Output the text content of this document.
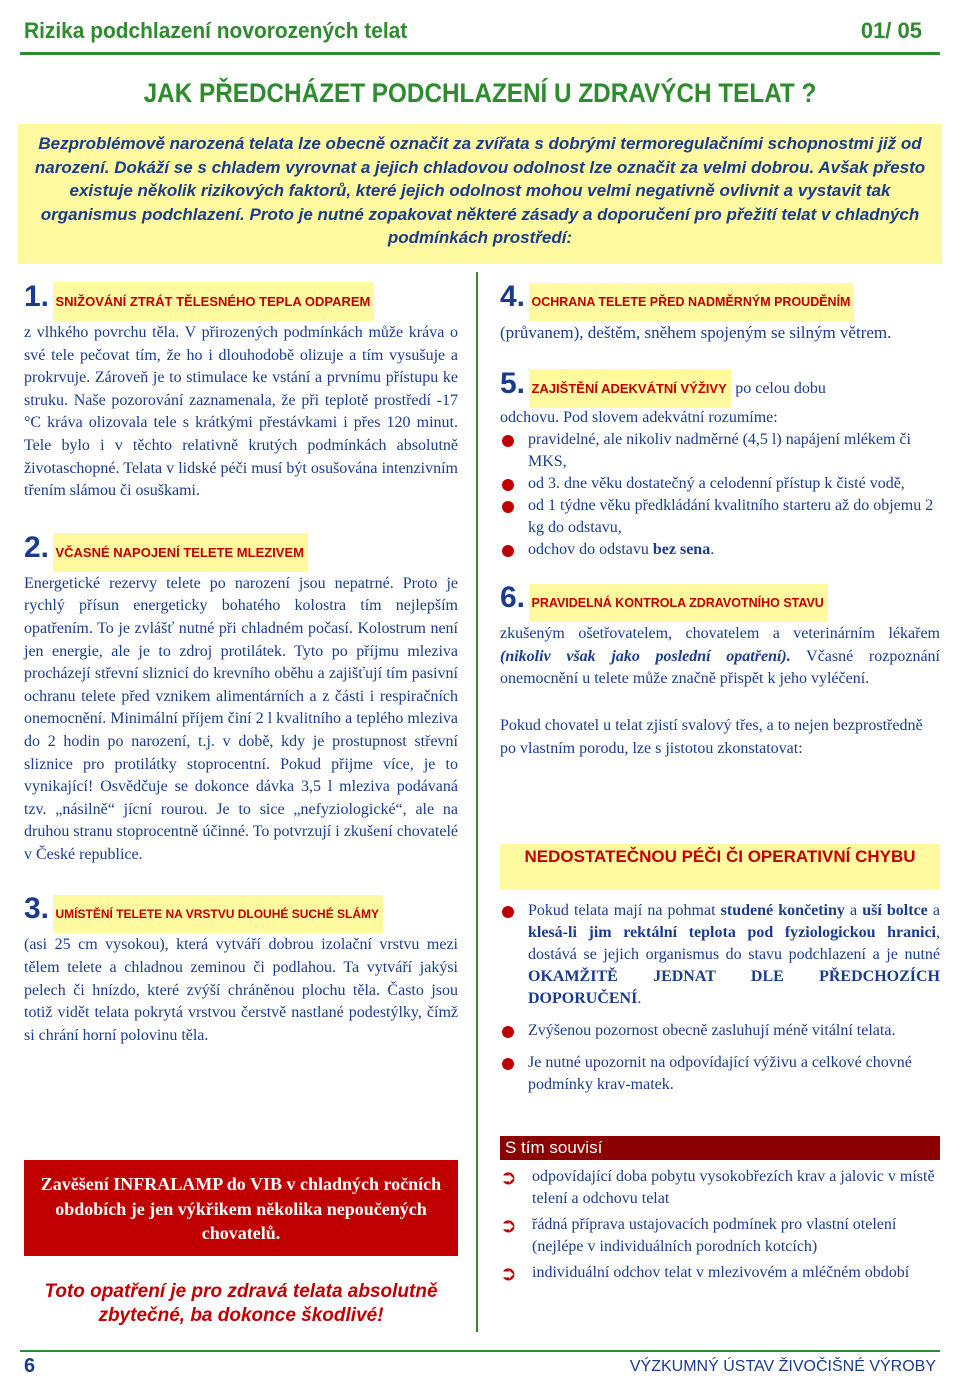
Rizika podchlazení novorozených telat	01/ 05
JAK PŘEDCHÁZET PODCHLAZENÍ U ZDRAVÝCH TELAT ?
Bezproblémově narozená telata lze obecně označit za zvířata s dobrými termoregulačními schopnostmi již od narození. Dokáží se s chladem vyrovnat a jejich chladovou odolnost lze označit za velmi dobrou. Avšak přesto existuje několik rizikových faktorů, které jejich odolnost mohou velmi negativně ovlivnit a vystavit tak organismus podchlazení. Proto je nutné zopakovat některé zásady a doporučení pro přežití telat v chladných podmínkách prostředí:
1. SNIŽOVÁNÍ ZTRÁT TĚLESNÉHO TEPLA ODPAREM
z vlhkého povrchu těla. V přirozených podmínkách může kráva o své tele pečovat tím, že ho i dlouhodobě olizuje a tím vysušuje a prokrvuje. Zároveň je to stimulace ke vstání a prvnímu přístupu ke struku. Naše pozorování zaznamenala, že při teplotě prostředí -17 °C kráva olizovala tele s krátkými přestávkami i přes 120 minut. Tele bylo i v těchto relativně krutých podmínkách absolutně životaschopné. Telata v lidské péči musí být osušována intenzivním třením slámou či osuškami.
2. VČASNÉ NAPOJENÍ TELETE MLEZIVEM
Energetické rezervy telete po narození jsou nepatrné. Proto je rychlý přísun energeticky bohatého kolostra tím nejlepším opatřením. To je zvlášť nutné při chladném počasí. Kolostrum není jen energie, ale je to zdroj protilátek. Tyto po příjmu mleziva procházejí střevní sliznicí do krevního oběhu a zajišťují tím pasivní ochranu telete před vznikem alimentárních a z části i respiračních onemocnění. Minimální příjem činí 2 l kvalitního a teplého mleziva do 2 hodin po narození, t.j. v době, kdy je prostupnost střevní sliznice pro protilátky stoprocentní. Pokud přijme více, je to vynikající! Osvědčuje se dokonce dávka 3,5 l mleziva podávaná tzv. „násilně“ jícní rourou. Je to sice „nefyziologické“, ale na druhou stranu stoprocentně účinné. To potvrzují i zkušení chovatelé v České republice.
3. UMÍSTĚNÍ TELETE NA VRSTVU DLOUHÉ SUCHÉ SLÁMY
(asi 25 cm vysokou), která vytváří dobrou izolační vrstvu mezi tělem telete a chladnou zeminou či podlahou. Ta vytváří jakýsi pelech či hnízdo, které zvýší chráněnou plochu těla. Často jsou totiž vidět telata pokrytá vrstvou čerstvě nastlané podestýlky, čímž si chrání horní polovinu těla.
Zavěšení INFRALAMP do VIB v chladných ročních obdobích je jen výkřikem několika nepoučených chovatelů.
Toto opatření je pro zdravá telata absolutně zbytečné, ba dokonce škodlivé!
4. OCHRANA TELETE PŘED NADMĚRNÝM PROUDĚNÍM
(průvanem), deštěm, sněhem spojeným se silným větrem.
5. ZAJIŠTĚNÍ ADEKVÁTNÍ VÝŽIVY po celou dobu
odchovu. Pod slovem adekvátní rozumíme:
pravidelné, ale nikoliv nadměrné (4,5 l) napájení mlékem či MKS,
od 3. dne věku dostatečný a celodenní přístup k čisté vodě,
od 1 týdne věku předkládání kvalitního starteru až do objemu 2 kg do odstavu,
odchov do odstavu bez sena.
6. PRAVIDELNÁ KONTROLA ZDRAVOTNÍHO STAVU
zkušeným ošetřovatelem, chovatelem a veterinárním lékařem (nikoliv však jako poslední opatření). Včasné rozpoznání onemocnění u telete může značně přispět k jeho vyléčení.
Pokud chovatel u telat zjistí svalový třes, a to nejen bezprostředně po vlastním porodu, lze s jistotou zkonstatovat:
NEDOSTATEČNOU PÉČI ČI OPERATIVNÍ CHYBU
Pokud telata mají na pohmat studené končetiny a uší boltce a klesá-li jim rektální teplota pod fyziologickou hranici, dostává se jejich organismus do stavu podchlazení a je nutné OKAMŽITĚ JEDNAT DLE PŘEDCHOZÍCH DOPORUČENÍ.
Zvýšenou pozornost obecně zasluhují méně vitální telata.
Je nutné upozornit na odpovídající výživu a celkové chovné podmínky krav-matek.
S tím souvisí
➲ odpovídající doba pobytu vysokobřezích krav a jalovic v místě telení a odchovu telat
➲ řádná příprava ustajovacích podmínek pro vlastní otelení (nejlépe v individuálních porodních kotcích)
➲ individuální odchov telat v mlezivovém a mléčném období
6	VÝZKUMNÝ ÚSTAV ŽIVOČIŠNÉ VÝROBY
